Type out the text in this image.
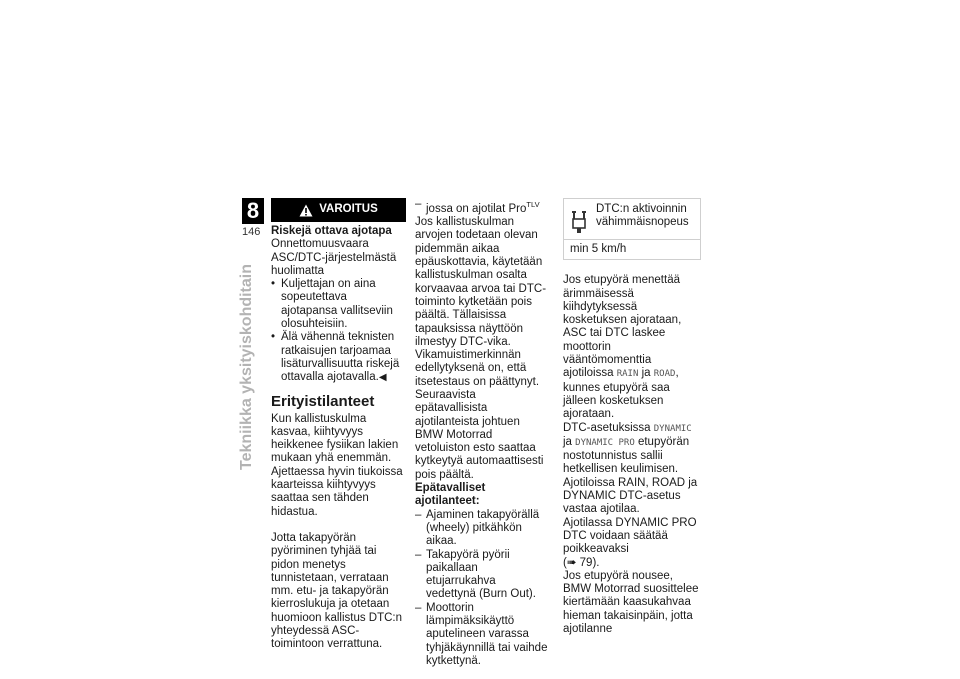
8
146
Tekniikka yksityiskohditain
VAROITUS
Riskejä ottava ajotapa

Onnettomuusvaara ASC/DTC-järjestelmästä huolimatta

• Kuljettajan on aina sopeutettava ajotapansa vallitseviin olosuhteisiin.
• Älä vähennä teknisten ratkaisujen tarjoamaa lisäturvallisuutta riskejä ottavalla ajotavalla.◀
Erityistilanteet

Kun kallistuskulma kasvaa, kiihtyvyys heikkenee fysiikan lakien mukaan yhä enemmän. Ajettaessa hyvin tiukoissa kaarteissa kiihtyvyys saattaa sen tähden hidastua.

Jotta takapyörän pyöriminen tyhjää tai pidon menetys tunnistetaan, verrataan mm. etu- ja takapyörän kierroslukuja ja otetaan huomioon kallistus DTC:n yhteydessä ASC-toimintoon verrattuna.

– jossa on ajotilat Pro$^{TLV}$

Jos kallistuskulman arvojen todetaan olevan pidemmän aikaa epäuskottavia, käytetään kallistuskulman osalta korvaavaa arvoa tai DTC-toiminto kytketään pois päältä. Tällaisissa tapauksissa näyttöön ilmestyy DTC-vika. Vikamuistimerkinnän edellytyksenä on, että itsetestaus on päättynyt. Seuraavista epätavallisista ajotilanteista johtuen BMW Motorrad vetoluiston esto saattaa kytkeytyä automaattisesti pois päältä.

Epätavalliset ajotilanteet:
– Ajaminen takapyörällä (wheely) pitkähkön aikaa.
– Takapyörä pyörii paikallaan etujarrukahva vedettynä (Burn Out).
– Moottorin lämpimäksikäyttö aputelineen varassa tyhjäkäynnillä tai vaihde kytkettynä.
DTC:n aktivoinnin vähimmäisnopeus
min 5 km/h

Jos etupyörä menettää ärimmäisessä kiihdytyksessä kosketuksen ajorataan, ASC tai DTC laskee moottorin vääntömomenttia ajotiloissa RAIN ja ROAD, kunnes etupyörä saa jälleen kosketuksen ajorataan.

DTC-asetuksissa DYNAMIC ja DYNAMIC PRO etupyörän nostotunnistus sallii hetkellisen keulimisen.

Ajotiloissa RAIN, ROAD ja DYNAMIC DTC-asetus vastaa ajotilaa.

Ajotilassa DYNAMIC PRO DTC voidaan säätää poikkeavaksi

(➠ 79).

Jos etupyörä nousee,

BMW Motorrad suosittelee kiertämään kaasukahvaa hieman takaisinpäin, jotta ajotilanne
